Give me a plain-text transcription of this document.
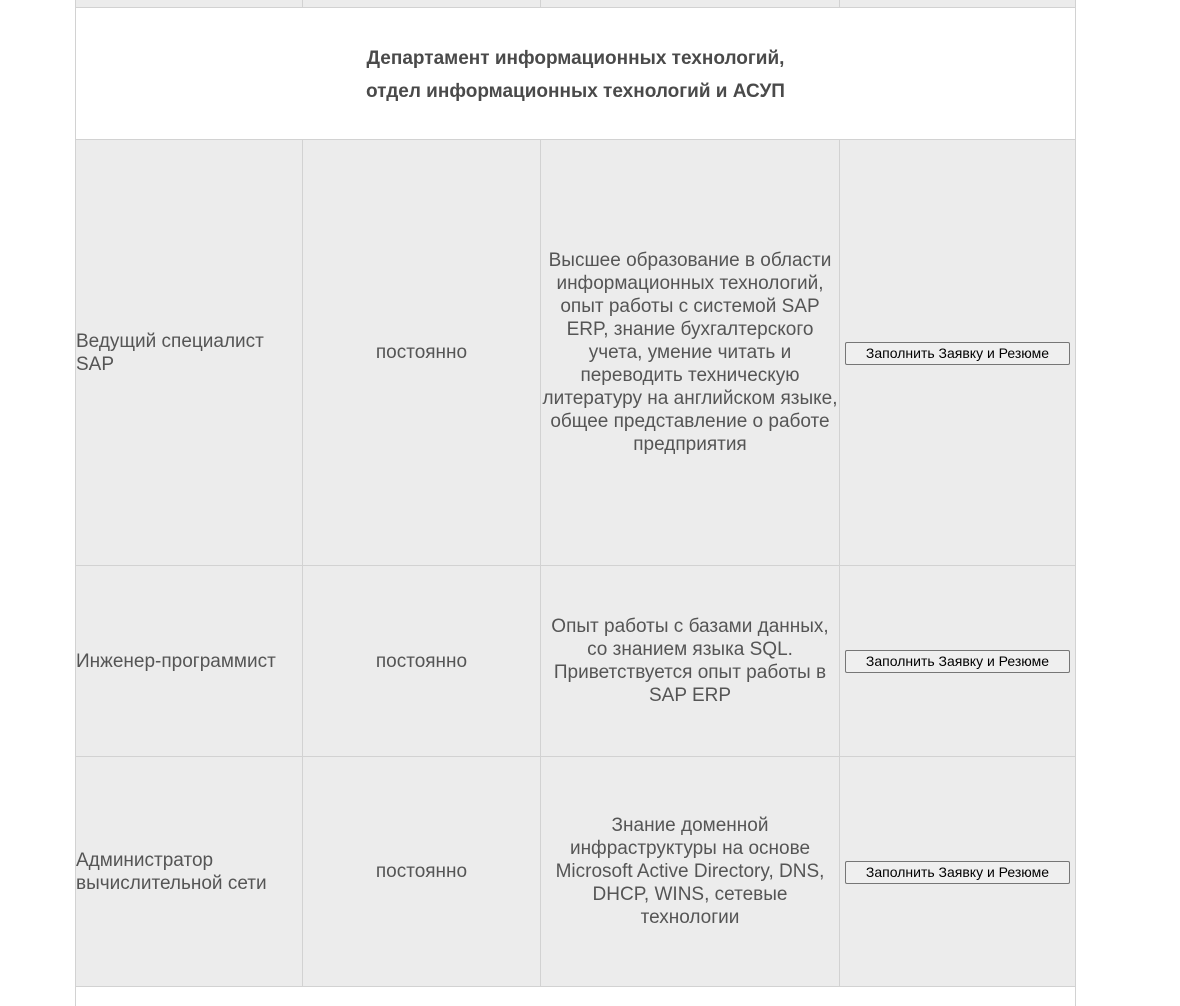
Департамент информационных технологий,
отдел информационных технологий и АСУП			

Ведущий специалист SAP	постоянно	Высшее образование в области информационных технологий, опыт работы с системой SAP ERP, знание бухгалтерского учета, умение читать и переводить техническую литературу на английском языке, общее представление о работе предприятия	Заполнить Заявку и Резюме
Инженер-программист	постоянно	Опыт работы с базами данных, со знанием языка SQL. Приветствуется опыт работы в SAP ERP	Заполнить Заявку и Резюме
Администратор вычислительной сети	постоянно	Знание доменной инфраструктуры на основе Microsoft Active Directory, DNS, DHCP, WINS, сетевые технологии	Заполнить Заявку и Резюме
